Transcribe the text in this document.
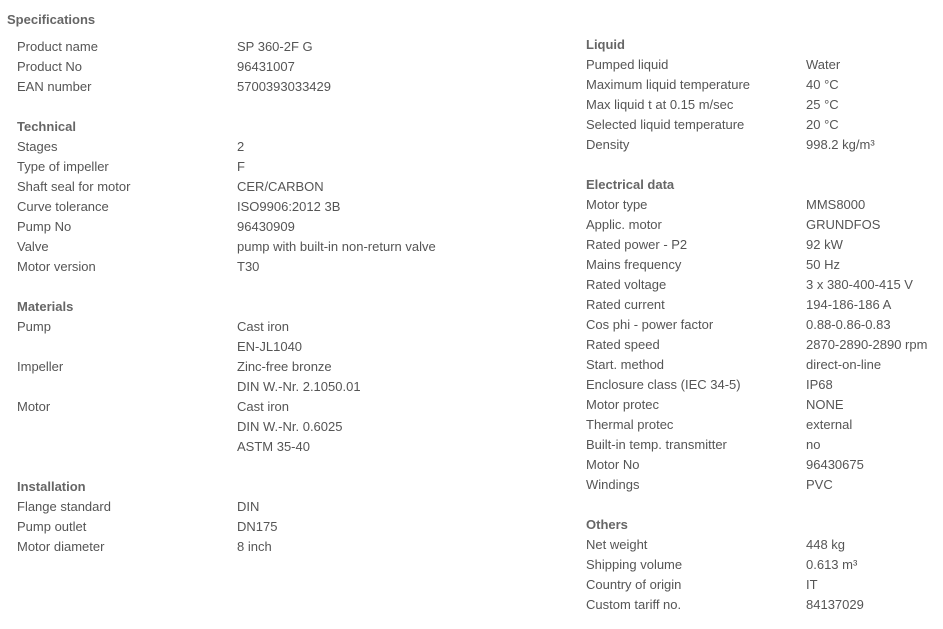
Specifications
Product name	SP 360-2F G
Product No	96431007
EAN number	5700393033429
Technical
Stages	2
Type of impeller	F
Shaft seal for motor	CER/CARBON
Curve tolerance	ISO9906:2012 3B
Pump No	96430909
Valve	pump with built-in non-return valve
Motor version	T30
Materials
Pump	Cast iron
EN-JL1040
Impeller	Zinc-free bronze
DIN W.-Nr. 2.1050.01
Motor	Cast iron
DIN W.-Nr. 0.6025
ASTM 35-40
Installation
Flange standard	DIN
Pump outlet	DN175
Motor diameter	8 inch
Liquid
Pumped liquid	Water
Maximum liquid temperature	40 °C
Max liquid t at 0.15 m/sec	25 °C
Selected liquid temperature	20 °C
Density	998.2 kg/m³
Electrical data
Motor type	MMS8000
Applic. motor	GRUNDFOS
Rated power - P2	92 kW
Mains frequency	50 Hz
Rated voltage	3 x 380-400-415 V
Rated current	194-186-186 A
Cos phi - power factor	0.88-0.86-0.83
Rated speed	2870-2890-2890 rpm
Start. method	direct-on-line
Enclosure class (IEC 34-5)	IP68
Motor protec	NONE
Thermal protec	external
Built-in temp. transmitter	no
Motor No	96430675
Windings	PVC
Others
Net weight	448 kg
Shipping volume	0.613 m³
Country of origin	IT
Custom tariff no.	84137029
